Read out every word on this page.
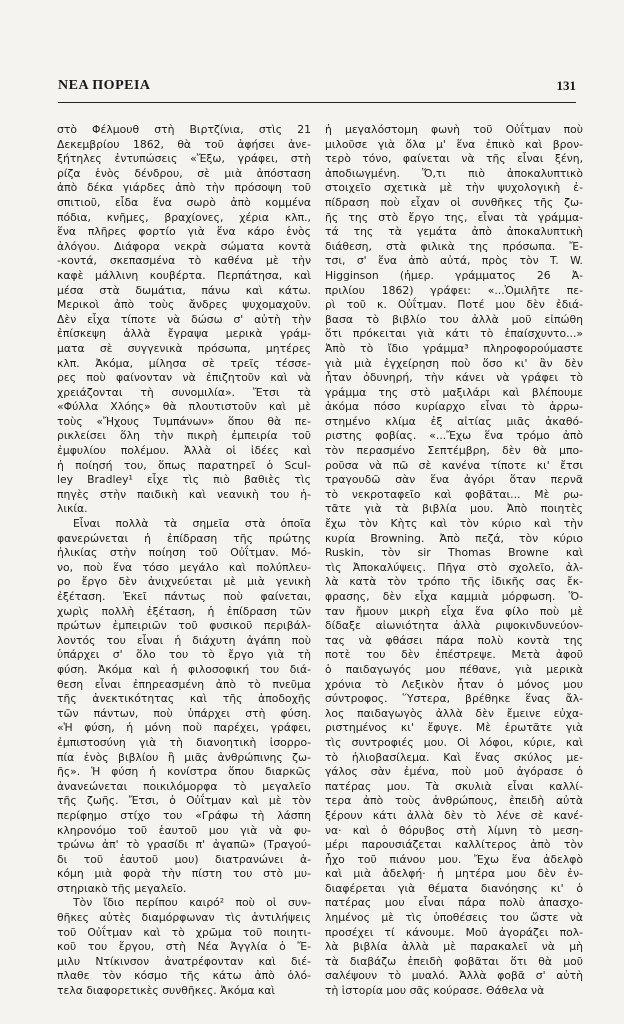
ΝΕΑ ΠΟΡΕΙΑ	131
στὸ Φέλμουθ στὴ Βιρτζίνια, στὶς 21
Δεκεμβρίου 1862, θὰ τοῦ ἀφήσει ἀνε-
ξήτηλες ἐντυπώσεις «Ἔξω, γράφει, στὴ
ρίζα ἑνὸς δένδρου, σὲ μιὰ ἀπόσταση
ἀπὸ δέκα γιάρδες ἀπὸ τὴν πρόσοψη τοῦ
σπιτιοῦ, εἶδα ἕνα σωρὸ ἀπὸ κομμένα
πόδια, κνῆμες, βραχίονες, χέρια κλπ.,
ἕνα πλῆρες φορτίο γιὰ ἕνα κάρο ἑνὸς
ἀλόγου. Διάφορα νεκρὰ σώματα κοντὰ
-κοντά, σκεπασμένα τὸ καθένα μὲ τὴν
καφὲ μάλλινη κουβέρτα. Περπάτησα, καὶ
μέσα στὰ δωμάτια, πάνω καὶ κάτω.
Μερικοὶ ἀπὸ τοὺς ἄνδρες ψυχομαχοῦν.
Δὲν εἶχα τίποτε νὰ δώσω σ' αὐτὴ τὴν
ἐπίσκεψη ἀλλὰ ἔγραψα μερικὰ γράμ-
ματα σὲ συγγενικὰ πρόσωπα, μητέρες
κλπ. Ἀκόμα, μίλησα σὲ τρεῖς τέσσε-
ρες ποὺ φαίνονταν νὰ ἐπιζητοῦν καὶ νὰ
χρειάζονται τὴ συνομιλία». Ἔτσι τὰ
«Φύλλα Χλόης» θὰ πλουτιστοῦν καὶ μὲ
τοὺς «Ἤχους Τυμπάνων» ὅπου θὰ πε-
ρικλείσει ὅλη τὴν πικρὴ ἐμπειρία τοῦ
ἐμφυλίου πολέμου. Ἀλλὰ οἱ ἰδέες καὶ
ἡ ποίησή του, ὅπως παρατηρεῖ ὁ Scul-
ley Bradley¹ εἶχε τὶς πιὸ βαθιὲς τὶς
πηγὲς στὴν παιδικὴ καὶ νεανικὴ του ἡ-
λικία.
Εἶναι πολλὰ τὰ σημεῖα στὰ ὁποῖα
φανερώνεται ἡ ἐπίδραση τῆς πρώτης
ἡλικίας στὴν ποίηση τοῦ Οὐΐτμαν. Μό-
νο, ποὺ ἕνα τόσο μεγάλο καὶ πολύπλευ-
ρο ἔργο δὲν ἀνιχνεύεται μὲ μιὰ γενικὴ
ἐξέταση. Ἐκεῖ πάντως ποὺ φαίνεται,
χωρὶς πολλὴ ἐξέταση, ἡ ἐπίδραση τῶν
πρώτων ἐμπειριῶν τοῦ φυσικοῦ περιβάλ-
λοντός του εἶναι ἡ διάχυτη ἀγάπη ποὺ
ὑπάρχει σ' ὅλο του τὸ ἔργο γιὰ τὴ
φύση. Ἀκόμα καὶ ἡ φιλοσοφική του διά-
θεση εἶναι ἐπηρεασμένη ἀπὸ τὸ πνεῦμα
τῆς ἀνεκτικότητας καὶ τῆς ἀποδοχῆς
τῶν πάντων, ποὺ ὑπάρχει στὴ φύση.
«Ἡ φύση, ἡ μόνη ποὺ παρέχει, γράφει,
ἐμπιστοσύνη γιὰ τὴ διανοητικὴ ἰσορρο-
πία ἑνὸς βιβλίου ἢ μιᾶς ἀνθρώπινης ζω-
ῆς». Ἡ φύση ἡ κονίστρα ὅπου διαρκῶς
ἀνανεώνεται ποικιλόμορφα τὸ μεγαλεῖο
τῆς ζωῆς. Ἔτσι, ὁ Οὐΐτμαν καὶ μὲ τὸν
περίφημο στίχο του «Γράφω τὴ λάσπη
κληρονόμο τοῦ ἑαυτοῦ μου γιὰ νὰ φυ-
τρώνω ἀπ' τὸ γρασίδι π' ἀγαπῶ» (Τραγού-
δι τοῦ ἑαυτοῦ μου) διατρανώνει ἀ-
κόμη μιὰ φορὰ τὴν πίστη του στὸ μυ-
στηριακὸ τῆς μεγαλεῖο.
Τὸν ἴδιο περίπου καιρό² ποὺ οἱ συν-
θῆκες αὐτὲς διαμόρφωναν τὶς ἀντιλήψεις
τοῦ Οὐΐτμαν καὶ τὸ χρῶμα τοῦ ποιητι-
κοῦ του ἔργου, στὴ Νέα Ἀγγλία ὁ Ἔ-
μιλυ Ντίκινσον ἀνατρέφονταν καὶ διέ-
πλαθε τὸν κόσμο τῆς κάτω ἀπὸ ὁλό-
τελα διαφορετικὲς συνθῆκες. Ἀκόμα καὶ
ἡ μεγαλόστομη φωνὴ τοῦ Οὐΐτμαν ποὺ
μιλοῦσε γιὰ ὅλα μ' ἕνα ἐπικὸ καὶ βρον-
τερὸ τόνο, φαίνεται νὰ τῆς εἶναι ξένη,
ἀποδιωγμένη. Ὅ,τι πιὸ ἀποκαλυπτικὸ
στοιχεῖο σχετικὰ μὲ τὴν ψυχολογικὴ ἐ-
πίδραση ποὺ εἶχαν οἱ συνθῆκες τῆς ζω-
ῆς της στὸ ἔργο της, εἶναι τὰ γράμμα-
τά της τὰ γεμάτα ἀπὸ ἀποκαλυπτικὴ
διάθεση, στὰ φιλικὰ της πρόσωπα. Ἔ-
τσι, σ' ἕνα ἀπὸ αὐτά, πρὸς τὸν T. W.
Higginson (ἡμερ. γράμματος 26 Ἀ-
πριλίου 1862) γράφει: «...Ὁμιλῆτε πε-
ρὶ τοῦ κ. Οὐΐτμαν. Ποτέ μου δὲν ἐδιά-
βασα τὸ βιβλίο του ἀλλὰ μοῦ εἰπώθη
ὅτι πρόκειται γιὰ κάτι τὸ ἐπαίσχυντο...»
Ἀπὸ τὸ ἴδιο γράμμα³ πληροφορούμαστε
γιὰ μιὰ ἐγχείρηση ποὺ ὅσο κι' ἂν δὲν
ἦταν ὀδυνηρή, τὴν κάνει νὰ γράφει τὸ
γράμμα της στὸ μαξιλάρι καὶ βλέπουμε
ἀκόμα πόσο κυρίαρχο εἶναι τὸ ἀρρω-
στημένο κλίμα ἐξ αἰτίας μιᾶς ἀκαθό-
ριστης φοβίας. «...Ἔχω ἕνα τρόμο ἀπὸ
τὸν περασμένο Σεπτέμβρη, δὲν θὰ μπο-
ροῦσα νὰ πῶ σὲ κανένα τίποτε κι' ἔτσι
τραγουδῶ σὰν ἕνα ἀγόρι ὅταν περνᾶ
τὸ νεκροταφεῖο καὶ φοβᾶται... Μὲ ρω-
τᾶτε γιὰ τὰ βιβλία μου. Ἀπὸ ποιητὲς
ἔχω τὸν Κὴτς καὶ τὸν κύριο καὶ τὴν
κυρία Browning. Ἀπὸ πεζά, τὸν κύριο
Ruskin, τὸν sir Thomas Browne καὶ
τὶς Ἀποκαλύψεις. Πῆγα στὸ σχολεῖο, ἀλ-
λὰ κατὰ τὸν τρόπο τῆς ἰδικῆς σας ἔκ-
φρασης, δὲν εἶχα καμμιὰ μόρφωση. Ὅ-
ταν ἤμουν μικρὴ εἶχα ἕνα φίλο ποὺ μὲ
δίδαξε αἰωνιότητα ἀλλὰ ριψοκινδυνεύον-
τας νὰ φθάσει πάρα πολὺ κοντὰ της
ποτὲ του δὲν ἐπέστρεψε. Μετὰ ἀφοῦ
ὁ παιδαγωγός μου πέθανε, γιὰ μερικὰ
χρόνια τὸ Λεξικὸν ἦταν ὁ μόνος μου
σύντροφος. Ὕστερα, βρέθηκε ἕνας ἄλ-
λος παιδαγωγὸς ἀλλὰ δὲν ἔμεινε εὐχα-
ριστημένος κι' ἔφυγε. Μὲ ἐρωτᾶτε γιὰ
τὶς συντροφιές μου. Οἱ λόφοι, κύριε, καὶ
τὸ ἡλιοβασίλεμα. Καὶ ἕνας σκύλος με-
γάλος σὰν ἐμένα, ποὺ μοῦ ἀγόρασε ὁ
πατέρας μου. Τὰ σκυλιὰ εἶναι καλλί-
τερα ἀπὸ τοὺς ἀνθρώπους, ἐπειδὴ αὐτὰ
ξέρουν κάτι ἀλλὰ δὲν τὸ λένε σὲ κανέ-
να· καὶ ὁ θόρυβος στὴ λίμνη τὸ μεση-
μέρι παρουσιάζεται καλλίτερος ἀπὸ τὸν
ἦχο τοῦ πιάνου μου. Ἔχω ἕνα ἀδελφὸ
καὶ μιὰ ἀδελφή· ἡ μητέρα μου δὲν ἐν-
διαφέρεται γιὰ θέματα διανόησης κι' ὁ
πατέρας μου εἶναι πάρα πολὺ ἀπασχο-
λημένος μὲ τὶς ὑποθέσεις του ὥστε νὰ
προσέχει τί κάνουμε. Μοῦ ἀγοράζει πολ-
λὰ βιβλία ἀλλὰ μὲ παρακαλεῖ νὰ μὴ
τὰ διαβάζω ἐπειδὴ φοβᾶται ὅτι θὰ μοῦ
σαλέψουν τὸ μυαλό. Ἀλλὰ φοβᾶ σ' αὐτὴ
τὴ ἱστορία μου σᾶς κούρασε. Θάθελα νὰ
